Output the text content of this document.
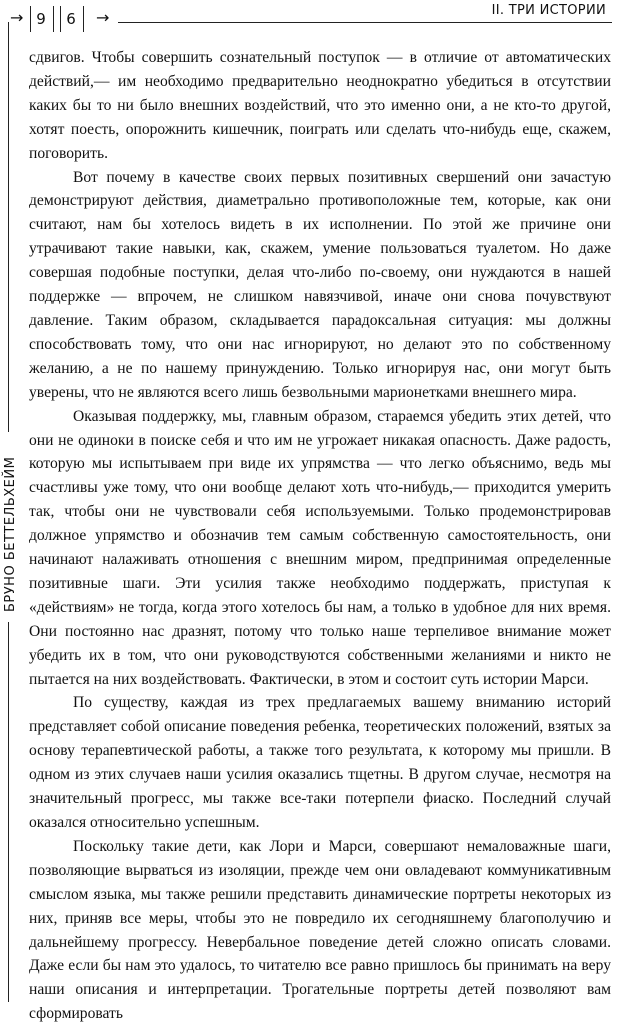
→ 9	6	→	II. ТРИ ИСТОРИИ
БРУНО БЕТТЕЛЬХЕЙМ

сдвигов. Чтобы совершить сознательный поступок — в отличие от автоматических действий,— им необходимо предварительно неоднократно убедиться в отсутствии каких бы то ни было внешних воздействий, что это именно они, а не кто-то другой, хотят поесть, опорожнить кишечник, поиграть или сделать что-нибудь еще, скажем, поговорить.

Вот почему в качестве своих первых позитивных свершений они зачастую демонстрируют действия, диаметрально противоположные тем, которые, как они считают, нам бы хотелось видеть в их исполнении. По этой же причине они утрачивают такие навыки, как, скажем, умение пользоваться туалетом. Но даже совершая подобные поступки, делая что-либо по-своему, они нуждаются в нашей поддержке — впрочем, не слишком навязчивой, иначе они снова почувствуют давление. Таким образом, складывается парадоксальная ситуация: мы должны способствовать тому, что они нас игнорируют, но делают это по собственному желанию, а не по нашему принуждению. Только игнорируя нас, они могут быть уверены, что не являются всего лишь безвольными марионетками внешнего мира.

Оказывая поддержку, мы, главным образом, стараемся убедить этих детей, что они не одиноки в поиске себя и что им не угрожает никакая опасность. Даже радость, которую мы испытываем при виде их упрямства — что легко объяснимо, ведь мы счастливы уже тому, что они вообще делают хоть что-нибудь,— приходится умерить так, чтобы они не чувствовали себя используемыми. Только продемонстрировав должное упрямство и обозначив тем самым собственную самостоятельность, они начинают налаживать отношения с внешним миром, предпринимая определенные позитивные шаги. Эти усилия также необходимо поддержать, приступая к «действиям» не тогда, когда этого хотелось бы нам, а только в удобное для них время. Они постоянно нас дразнят, потому что только наше терпеливое внимание может убедить их в том, что они руководствуются собственными желаниями и никто не пытается на них воздействовать. Фактически, в этом и состоит суть истории Марси.

По существу, каждая из трех предлагаемых вашему вниманию историй представляет собой описание поведения ребенка, теоретических положений, взятых за основу терапевтической работы, а также того результата, к которому мы пришли. В одном из этих случаев наши усилия оказались тщетны. В другом случае, несмотря на значительный прогресс, мы также все-таки потерпели фиаско. Последний случай оказался относительно успешным.

Поскольку такие дети, как Лори и Марси, совершают немаловажные шаги, позволяющие вырваться из изоляции, прежде чем они овладевают коммуникативным смыслом языка, мы также решили представить динамические портреты некоторых из них, приняв все меры, чтобы это не повредило их сегодняшнему благополучию и дальнейшему прогрессу. Невербальное поведение детей сложно описать словами. Даже если бы нам это удалось, то читателю все равно пришлось бы принимать на веру наши описания и интерпретации. Трогательные портреты детей позволяют вам сформировать
